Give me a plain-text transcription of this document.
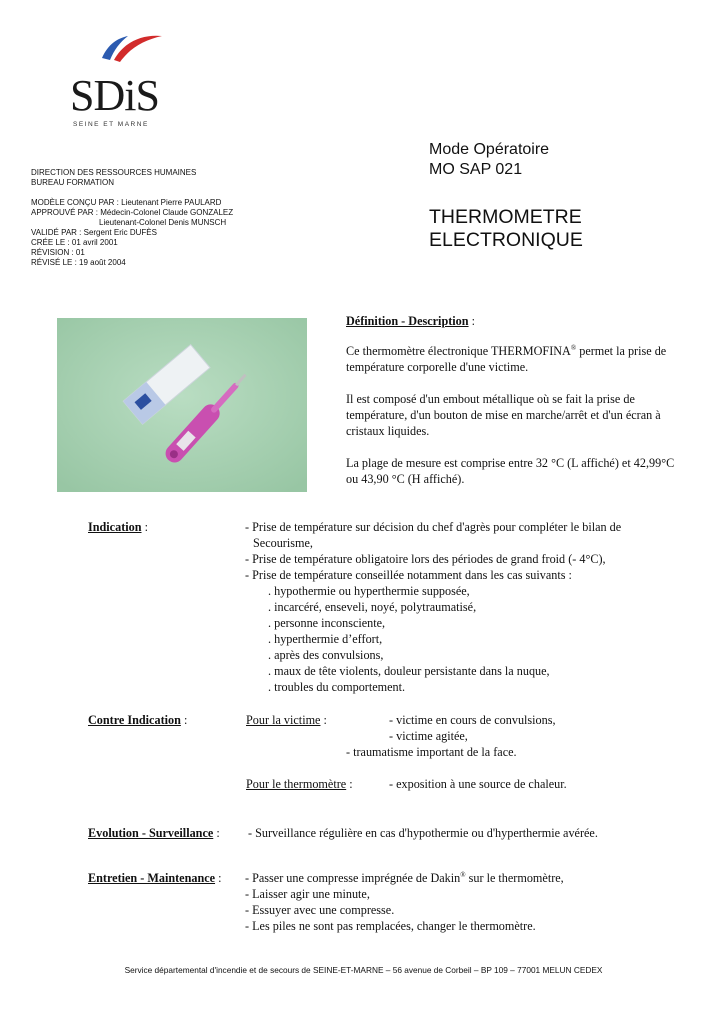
SDiS
SEINE ET MARNE
Mode Opératoire
MO SAP 021
THERMOMETRE
ELECTRONIQUE
DIRECTION DES RESSOURCES HUMAINES
BUREAU FORMATION
MODÈLE CONÇU PAR : Lieutenant Pierre PAULARD
APPROUVÉ PAR : Médecin-Colonel Claude GONZALEZ
Lieutenant-Colonel Denis MUNSCH
VALIDÉ PAR : Sergent Eric DUFÈS
CRÉE LE : 01 avril 2001
RÉVISION : 01
RÉVISÉ LE : 19 août 2004

Définition - Description :

Ce thermomètre électronique THERMOFINA® permet la prise de température corporelle d'une victime.

Il est composé d'un embout métallique où se fait la prise de température, d'un bouton de mise en marche/arrêt et d'un écran à cristaux liquides.

La plage de mesure est comprise entre 32 °C (L affiché) et 42,99°C ou 43,90 °C (H affiché).

Indication :	- Prise de température sur décision du chef d'agrès pour compléter le bilan de
Secourisme,
- Prise de température obligatoire lors des périodes de grand froid (- 4°C),
- Prise de température conseillée notamment dans les cas suivants :
. hypothermie ou hyperthermie supposée,
. incarcéré, enseveli, noyé, polytraumatisé,
. personne inconsciente,
. hyperthermie d’effort,
. après des convulsions,
. maux de tête violents, douleur persistante dans la nuque,
. troubles du comportement.
Contre Indication :	Pour la victime :	- victime en cours de convulsions,
- victime agitée,
- traumatisme important de la face.
Pour le thermomètre :	- exposition à une source de chaleur.
Evolution - Surveillance : - Surveillance régulière en cas d'hypothermie ou d'hyperthermie avérée.
Entretien - Maintenance : - Passer une compresse imprégnée de Dakin® sur le thermomètre,
- Laisser agir une minute,
- Essuyer avec une compresse.
- Les piles ne sont pas remplacées, changer le thermomètre.
Service départemental d'incendie et de secours de SEINE-ET-MARNE – 56 avenue de Corbeil – BP 109 – 77001 MELUN CEDEX
